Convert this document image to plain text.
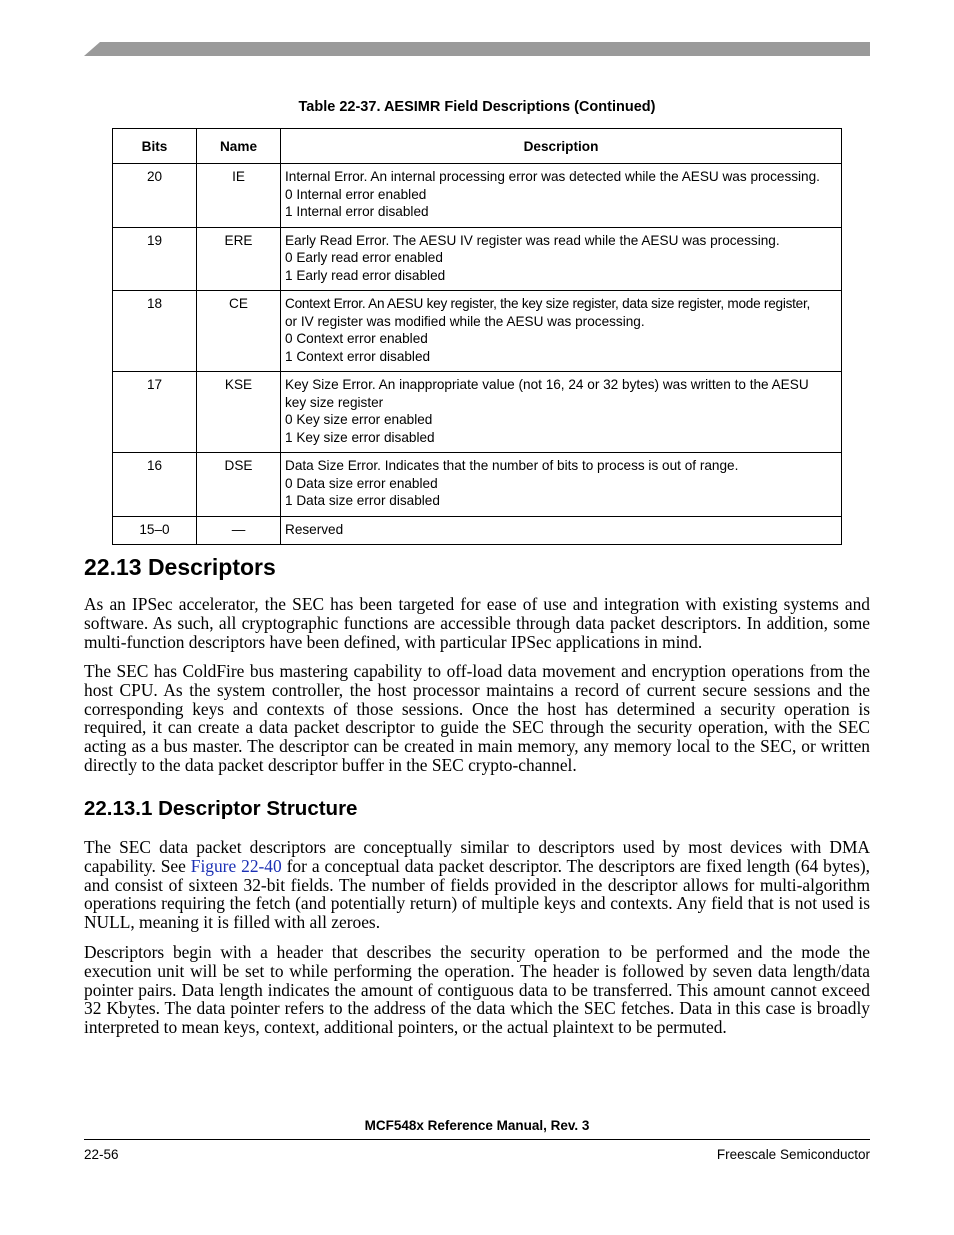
Table 22-37. AESIMR Field Descriptions (Continued)
Bits	Name	Description
20	IE	Internal Error. An internal processing error was detected while the AESU was processing.
0 Internal error enabled
1 Internal error disabled

19	ERE	Early Read Error. The AESU IV register was read while the AESU was processing.
0 Early read error enabled
1 Early read error disabled

18	CE	Context Error. An AESU key register, the key size register, data size register, mode register,
or IV register was modified while the AESU was processing.
0 Context error enabled
1 Context error disabled

17	KSE	Key Size Error. An inappropriate value (not 16, 24 or 32 bytes) was written to the AESU
key size register
0 Key size error enabled
1 Key size error disabled

16	DSE	Data Size Error. Indicates that the number of bits to process is out of range.
0 Data size error enabled
1 Data size error disabled

15–0	—	Reserved
22.13 Descriptors

As an IPSec accelerator, the SEC has been targeted for ease of use and integration with existing systems and software. As such, all cryptographic functions are accessible through data packet descriptors. In addition, some multi-function descriptors have been defined, with particular IPSec applications in mind.

The SEC has ColdFire bus mastering capability to off-load data movement and encryption operations from the host CPU. As the system controller, the host processor maintains a record of current secure sessions and the corresponding keys and contexts of those sessions. Once the host has determined a security operation is required, it can create a data packet descriptor to guide the SEC through the security operation, with the SEC acting as a bus master. The descriptor can be created in main memory, any memory local to the SEC, or written directly to the data packet descriptor buffer in the SEC crypto-channel.

22.13.1 Descriptor Structure

The SEC data packet descriptors are conceptually similar to descriptors used by most devices with DMA capability. See Figure 22-40 for a conceptual data packet descriptor. The descriptors are fixed length (64 bytes), and consist of sixteen 32-bit fields. The number of fields provided in the descriptor allows for multi-algorithm operations requiring the fetch (and potentially return) of multiple keys and contexts. Any field that is not used is NULL, meaning it is filled with all zeroes.

Descriptors begin with a header that describes the security operation to be performed and the mode the execution unit will be set to while performing the operation. The header is followed by seven data length/data pointer pairs. Data length indicates the amount of contiguous data to be transferred. This amount cannot exceed 32 Kbytes. The data pointer refers to the address of the data which the SEC fetches. Data in this case is broadly interpreted to mean keys, context, additional pointers, or the actual plaintext to be permuted.

MCF548x Reference Manual, Rev. 3
22-56	Freescale Semiconductor
